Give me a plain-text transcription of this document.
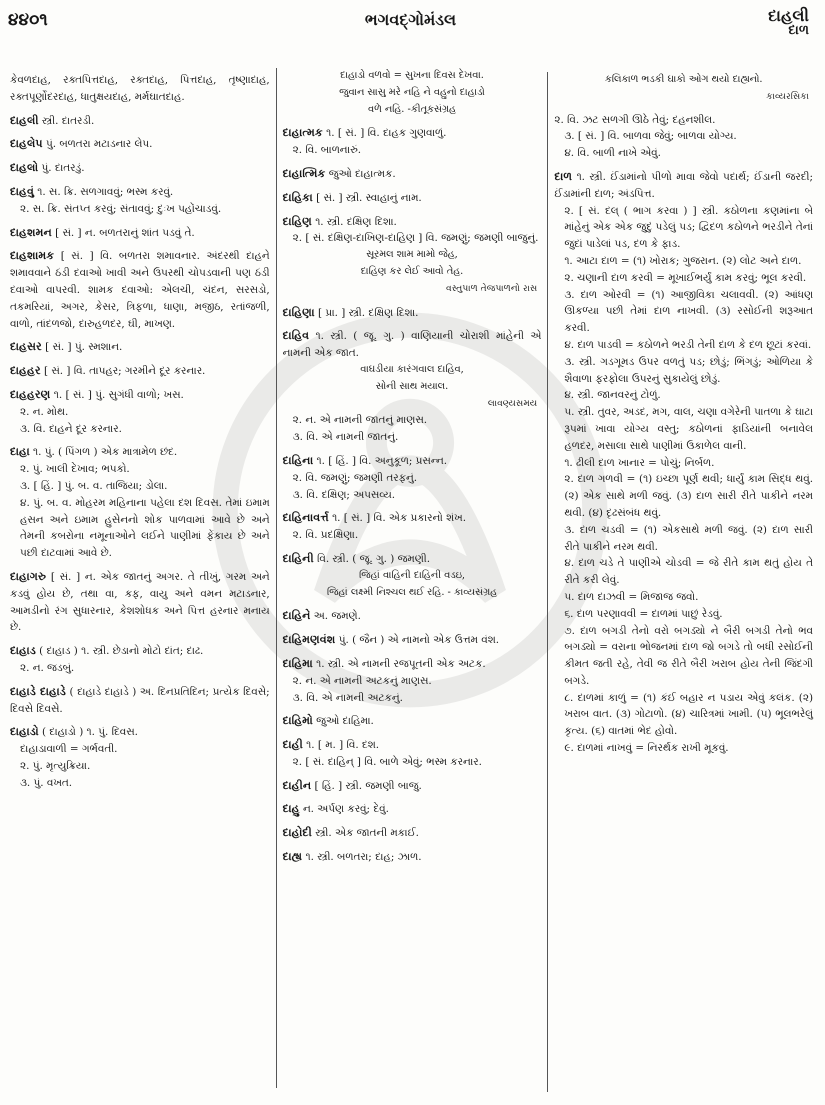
૪૪૦૧	ભગવદ્‌ગોમંડલ	દાહલી
દાળ
કેવળદાહ, રક્તપિત્તદાહ, રક્તદાહ, પિત્તદાહ, તૃષ્ણાદાહ, રક્તપૂર્ણોદરદાહ, ધાતુક્ષયદાહ, મર્મઘાતદાહ.
દાહલી સ્ત્રી. દાતરડી.
દાહલેપ પું. બળતરા મટાડનાર લેપ.
દાહલો પું. દાતરડું.
દાહવું ૧. સ. ક્રિ. સળગાવવું; ભસ્મ કરવું.
૨. સ. ક્રિ. સંતપ્ત કરવું; સંતાવવું; દુઃખ પહોંચાડવું.
દાહશમન [ સં. ] ન. બળતરાનું શાંત પડવું તે.
દાહશામક [ સં. ] વિ. બળતરા શમાવનાર. અંદરથી દાહને શમાવવાને ઠંડી દવાઓ ખાવી અને ઉપરથી ચોપડવાની પણ ઠંડી દવાઓ વાપરવી. શામક દવાઓ: એલચી, ચંદન, સરસડો, તકમરિયાં, અગર, કેસર, ત્રિફળા, ધાણા, મજીઠ, રતાંજળી, વાળો, તાંદળજો, દારુહળદર, ઘી, માખણ.
દાહસર [ સં. ] પું. સ્મશાન.
દાહહર [ સં. ] વિ. તાપહર; ગરમીને દૂર કરનાર.
દાહહરણ ૧. [ સં. ] પું. સુગંધી વાળો; ખસ.
૨. ન. મોથ.
૩. વિ. દાહને દૂર કરનાર.
દાહા ૧. પું. ( પિંગળ ) એક માત્રામેળ છંદ.
૨. પું. ખાલી દેખાવ; ભપકો.
૩. [ હિં. ] પું. બ. વ. તાજિયા; ડોલા.
૪. પું. બ. વ. મોહરમ મહિનાના પહેલા દશ દિવસ. તેમાં ઇમામ હસન અને ઇમામ હુસેનનો શોક પાળવામાં આવે છે અને તેમની કબરોના નમૂનાઓને લઈને પાણીમાં ફેંકાય છે અને પછી દાટવામાં આવે છે.
દાહાગરુ [ સં. ] ન. એક જાતનું અગર. તે તીખું, ગરમ અને કડવું હોય છે, તથા વા, કફ, વાયુ અને વમન મટાડનાર, આમડીનો રંગ સુધારનાર, કેશશોધક અને પિત્ત હરનાર મનાય છે.
દાહાડ ( દાહાડ ) ૧. સ્ત્રી. છેડાનો મોટો દાંત; દાઢ.
૨. ન. જડબું.
દાહાડે દાહાડે ( દાહાડે દાહાડે ) અ. દિનપ્રતિદિન; પ્રત્યેક દિવસે; દિવસે દિવસે.
દાહાડો ( દાહાડો ) ૧. પું. દિવસ.
દાહાડાવાળી = ગર્ભવતી.
૨. પું. મૃત્યુક્રિયા.
૩. પું. વખત.
દાહાડો વળવો = સુખના દિવસ દેખવા.
જુવાન સાસુ મરે નહિ ને વહુનો દાહાડો
વળે નહિ. -કીતૂકસંગ્રહ
દાહાત્મક ૧. [ સં. ] વિ. દાહક ગુણવાળું.
૨. વિ. બાળનારું.
દાહાત્મિક જુઓ દાહાત્મક.
દાહિકા [ સં. ] સ્ત્રી. સ્વાહાનું નામ.
દાહિણ ૧. સ્ત્રી. દક્ષિણ દિશા.
૨. [ સં. દક્ષિણ-દાખિણ-દાહિણ ] વિ. જમણું; જમણી બાજુનું.
સૂરમલ શામ મામો જેહ,
દાહિણ કર લેઈ આવો તેહ.
વસ્તુપાળ તેજપાળનો રાસ
દાહિણા [ પ્રા. ] સ્ત્રી. દક્ષિણ દિશા.
દાહિવ ૧. સ્ત્રી. ( જૂ. ગુ. ) વાણિયાની ચોરાશી માંહેની એ નામની એક જાત.
વાઘડીયા કારંગવાલ દાહિવ,
સોની સાથ મયાલ.
લાવણ્યસમય
૨. ન. એ નામની જાતનું માણસ.
૩. વિ. એ નામની જાતનું.
દાહિના ૧. [ હિં. ] વિ. અનુકૂળ; પ્રસન્ન.
૨. વિ. જમણું; જમણી તરફનું.
૩. વિ. દક્ષિણ; અપસવ્ય.
દાહિનાવર્ત્ત ૧. [ સં. ] વિ. એક પ્રકારનો શંખ.
૨. વિ. પ્રદક્ષિણા.
દાહિની વિ. સ્ત્રી. ( જૂ. ગુ. ) જમણી.
જિહાં વાહિની દાહિની વડઇ,
જિહાં લક્ષ્મી નિશ્ચલ થઈ રહિ. - કાવ્યસંગ્રહ
દાહિને અ. જમણે.
દાહિમણવંશ પું. ( જૈન ) એ નામનો એક ઉત્તમ વંશ.
દાહિમા ૧. સ્ત્રી. એ નામની રજપૂતની એક અટક.
૨. ન. એ નામની અટકનું માણસ.
૩. વિ. એ નામની અટકનું.
દાહિમો જુઓ દાહિમા.
દાહી ૧. [ મ. ] વિ. દશ.
૨. [ સં. દાહિન્‌ ] વિ. બાળે એવું; ભસ્મ કરનાર.
દાહીન [ હિં. ] સ્ત્રી. જમણી બાજુ.
દાહુ ન. અર્પણ કરવું; દેવું.
દાહોદી સ્ત્રી. એક જાતની મકાઈ.
દાહ્ય ૧. સ્ત્રી. બળતરા; દાહ; ઝાળ.
કલિકાળ ભડકી ઘાકો ઓગ થયો દાહ્યનો.
કાવ્યરસિકા
૨. વિ. ઝટ સળગી ઊઠે તેવું; દહનશીલ.
૩. [ સં. ] વિ. બાળવા જેવું; બાળવા યોગ્ય.
૪. વિ. બાળી નાખે એવું.
દાળ ૧. સ્ત્રી. ઈંડામાંનો પીળો માવા જેવો પદાર્થ; ઈંડાની જરદી; ઈંડામાંની દાળ; અંડપિત્ત.
૨. [ સં. દલ્‌ ( ભાગ કરવા ) ] સ્ત્રી. કઠોળના કણમાંના બે માંહેનું એક એક જુદું પડેલું પડ; દ્વિદળ કઠોળને ભરડીને તેનાં જુદાં પાડેલાં પડ, દળ કે ફાડ.
૧. આટા દાળ = (૧) ખોરાક; ગુજરાન. (૨) લોટ અને દાળ.
૨. ચણાની દાળ કરવી = મૂખાઈભર્યું કામ કરવું; ભૂલ કરવી.
૩. દાળ ઓરવી = (૧) આજીવિકા ચલાવવી. (૨) આંધણ ઊકળ્યા પછી તેમાં દાળ નાખવી. (૩) રસોઈની શરૂઆત કરવી.
૪. દાળ પાડવી = કઠોળને ભરડી તેની દાળ કે દળ છૂટાં કરવાં.
૩. સ્ત્રી. ગડગૂમડ ઉપર વળતું પડ; છોડું; ભિંગડું; ઓળિયા કે શૈવાળા ફરફોલા ઉપરનું સુકાયેલું છોડું.
૪. સ્ત્રી. જાનવરનું ટોળું.
૫. સ્ત્રી. તુવર, અડદ, મગ, વાલ, ચણા વગેરેની પાતળા કે ઘાટા રૂપમાં ખાવા યોગ્ય વસ્તુ; કઠોળનાં ફાડિયાંની બનાવેલ હળદર, મસાલા સાથે પાણીમાં ઉકાળેલ વાની.
૧. ઢીલી દાળ ખાનાર = પોચું; નિર્બળ.
૨. દાળ ગળવી = (૧) ઇચ્છા પૂર્ણ થવી; ધાર્યું કામ સિદ્ધ થવું. (૨) એક સાથે મળી જવું. (૩) દાળ સારી રીતે પાકીને નરમ થવી. (૪) દૃઢસંબંધ થવું.
૩. દાળ ચડવી = (૧) એકસાથે મળી જવું. (૨) દાળ સારી રીતે પાકીને નરમ થવી.
૪. દાળ ચડે તે પાણીએ ચોડવી = જે રીતે કામ થતું હોય તે રીતે કરી લેવું.
૫. દાળ દાઝવી = મિજાજ જવો.
૬. દાળ પરણાવવી = દાળમાં પાછું રેડવું.
૭. દાળ બગડી તેનો વરો બગડ્યો ને બૈરી બગડી તેનો ભવ બગડ્યો = વરાના ભોજનમાં દાળ જો બગડે તો બધી રસોઈની કીમત જતી રહે, તેવી જ રીતે બૈરી ખરાબ હોય તેની જિંદગી બગડે.
૮. દાળમાં કાળું = (૧) કંઈ બહાર ન પડાય એવું કલંક. (૨) ખરાબ વાત. (૩) ગોટાળો. (૪) ચારિત્રમાં ખામી. (૫) ભૂલભરેલું કૃત્ય. (૬) વાતમાં ભેદ હોવો.
૯. દાળમાં નાખવું = નિરર્થક રાખી મૂકવું.
